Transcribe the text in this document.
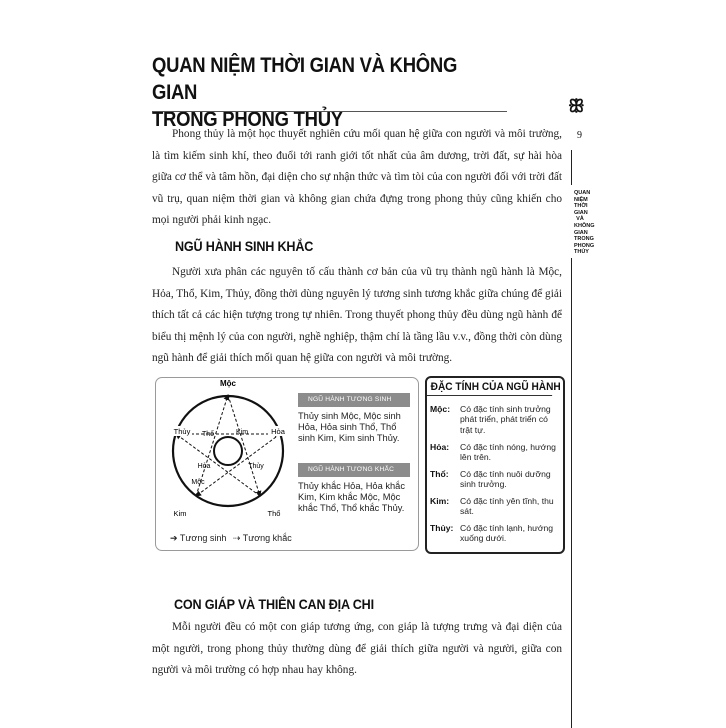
QUAN NIỆM THỜI GIAN VÀ KHÔNG GIAN
TRONG PHONG THỦY
ꕥ
9
QUAN
NIỆM
THỜI
GIAN
VÀ
KHÔNG
GIAN
TRONG
PHONG
THỦY
Phong thủy là một học thuyết nghiên cứu mối quan hệ giữa con người và môi trường, là tìm kiếm sinh khí, theo đuổi tới ranh giới tốt nhất của âm dương, trời đất, sự hài hòa giữa cơ thể và tâm hồn, đại diện cho sự nhận thức và tìm tòi của con người đối với trời đất vũ trụ, quan niệm thời gian và không gian chứa đựng trong phong thủy cũng khiến cho mọi người phải kinh ngạc.
NGŨ HÀNH SINH KHẮC
Người xưa phân các nguyên tố cấu thành cơ bản của vũ trụ thành ngũ hành là Mộc, Hỏa, Thổ, Kim, Thủy, đồng thời dùng nguyên lý tương sinh tương khắc giữa chúng để giải thích tất cả các hiện tượng trong tự nhiên. Trong thuyết phong thủy đều dùng ngũ hành để biểu thị mệnh lý của con người, nghề nghiệp, thậm chí là tầng lầu v.v., đồng thời còn dùng ngũ hành để giải thích mối quan hệ giữa con người và môi trường.
Mộc
Hỏa
Thổ
Kim
Thủy Thổ	Kim
Hỏa
Mộc
Thủy
NGŨ HÀNH TƯƠNG SINH
Thủy sinh Mộc, Mộc sinh Hỏa, Hỏa sinh Thổ, Thổ sinh Kim, Kim sinh Thủy.
NGŨ HÀNH TƯƠNG KHẮC
Thủy khắc Hỏa, Hỏa khắc Kim, Kim khắc Mộc, Mộc khắc Thổ, Thổ khắc Thủy.
➔ Tương sinh ⇢ Tương khắc
ĐẶC TÍNH CỦA NGŨ HÀNH
Mộc: Có đặc tính sinh trưởng phát triển, phát triển có trật tự.
Hỏa: Có đặc tính nóng, hướng lên trên.
Thổ: Có đặc tính nuôi dưỡng sinh trưởng.
Kim: Có đặc tính yên tĩnh, thu sát.
Thủy: Có đặc tính lạnh, hướng xuống dưới.
CON GIÁP VÀ THIÊN CAN ĐỊA CHI
Mỗi người đều có một con giáp tương ứng, con giáp là tượng trưng và đại diện của một người, trong phong thủy thường dùng để giải thích giữa người và người, giữa con người và môi trường có hợp nhau hay không.
